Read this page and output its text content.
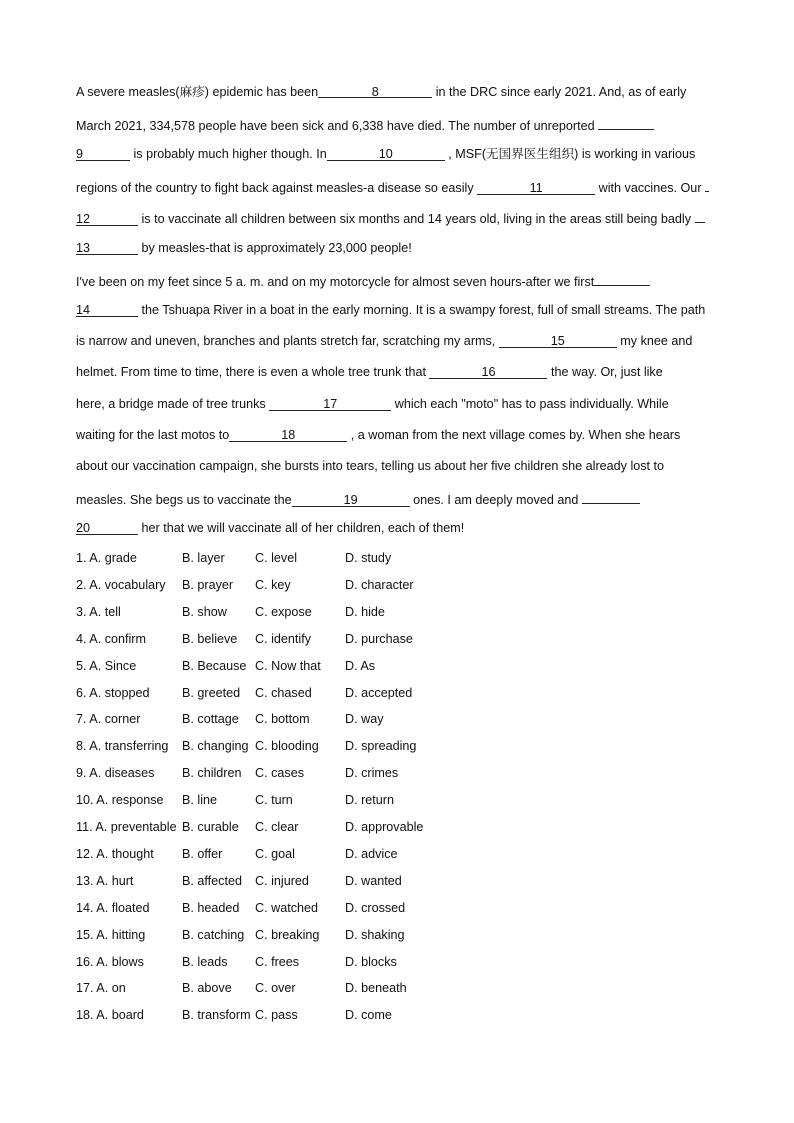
A severe measles(麻疹) epidemic has been	8	in the DRC since early 2021. And, as of early
March 2021, 334,578 people have been sick and 6,338 have died. The number of unreported
9	is probably much higher though. In	10	, MSF(无国界医生组织) is working in various
regions of the country to fight back against measles-a disease so easily	11	with vaccines. Our
12	is to vaccinate all children between six months and 14 years old, living in the areas still being badly
13	by measles-that is approximately 23,000 people!
I've been on my feet since 5 a. m. and on my motorcycle for almost seven hours-after we first
14	the Tshuapa River in a boat in the early morning. It is a swampy forest, full of small streams. The path
is narrow and uneven, branches and plants stretch far, scratching my arms,	15	my knee and
helmet. From time to time, there is even a whole tree trunk that	16	the way. Or, just like
here, a bridge made of tree trunks	17	which each "moto" has to pass individually. While
waiting for the last motos to	18	, a woman from the next village comes by. When she hears
about our vaccination campaign, she bursts into tears, telling us about her five children she already lost to
measles. She begs us to vaccinate the	19	ones. I am deeply moved and
20	her that we will vaccinate all of her children, each of them!
1. A. grade	B. layer C. level	D. study
2. A. vocabulary B. prayer C. key	D. character
3. A. tell	B. show C. expose	D. hide
4. A. confirm	B. believe C. identify	D. purchase
5. A. Since	B. Because C. Now that D. As
6. A. stopped	B. greeted C. chased	D. accepted
7. A. corner	B. cottage C. bottom	D. way
8. A. transferring B. changing C. blooding D. spreading
9. A. diseases B. children C. cases	D. crimes
10. A. response B. line	C. turn	D. return
11. A. preventable B. curable C. clear	D. approvable
12. A. thought B. offer	C. goal	D. advice
13. A. hurt	B. affected C. injured	D. wanted
14. A. floated	B. headed C. watched D. crossed
15. A. hitting	B. catching C. breaking D. shaking
16. A. blows	B. leads C. frees	D. blocks
17. A. on	B. above C. over	D. beneath
18. A. board	B. transform C. pass	D. come
